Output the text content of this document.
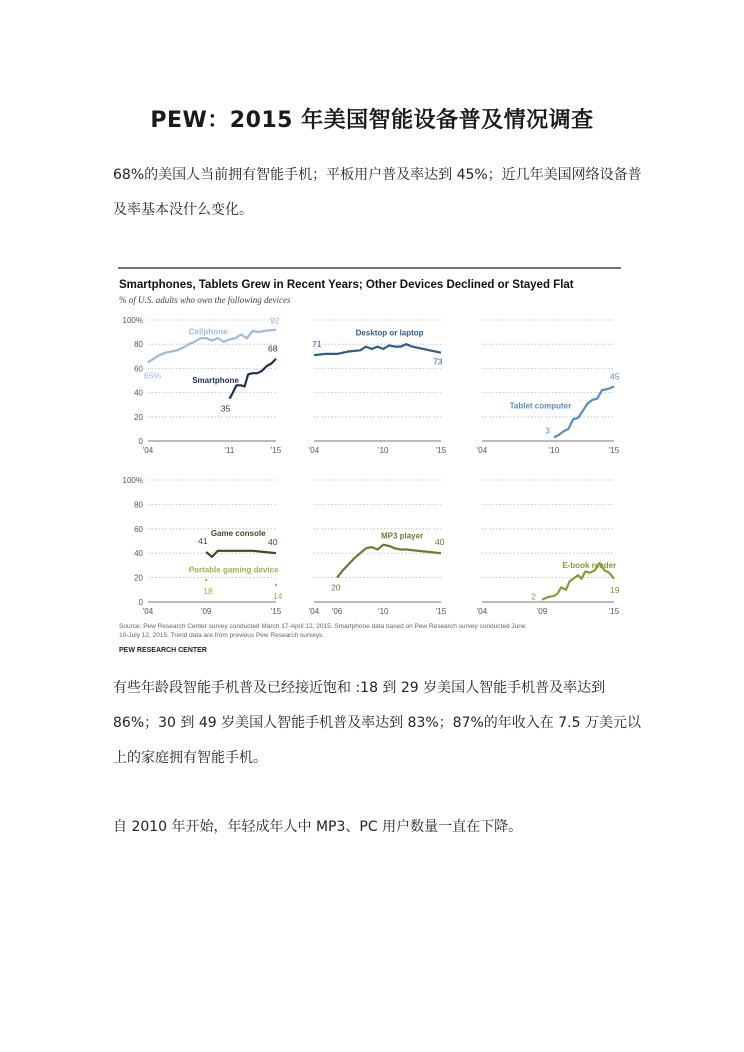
PEW：2015 年美国智能设备普及情况调查
68%的美国人当前拥有智能手机；平板用户普及率达到 45%；近几年美国网络设备普及率基本没什么变化。
Smartphones, Tablets Grew in Recent Years; Other Devices Declined or Stayed Flat
% of U.S. adults who own the following devices
100%
80
60
40
20
0
'04	'11	'15
65%
92
Cellphone
35
68
Smartphone
'04	'10	'15
71
73
Desktop or laptop
'04	'10	'15
3
45
Tablet computer
100%
80
60
40
20
0
'04	'09	'15
41	40
Game console
18	14
Portable gaming device
'04 '06	'10	'15
20
40
MP3 player
'04	'09	'15
2
19
E-book reader
Source: Pew Research Center survey conducted March 17-April 12, 2015. Smartphone data based on Pew Research survey conducted June
10-July 12, 2015. Trend data are from previous Pew Research surveys.
PEW RESEARCH CENTER
有些年龄段智能手机普及已经接近饱和 :18 到 29 岁美国人智能手机普及率达到 86%；30 到 49 岁美国人智能手机普及率达到 83%；87%的年收入在 7.5 万美元以上的家庭拥有智能手机。
自 2010 年开始，年轻成年人中 MP3、PC 用户数量一直在下降。
